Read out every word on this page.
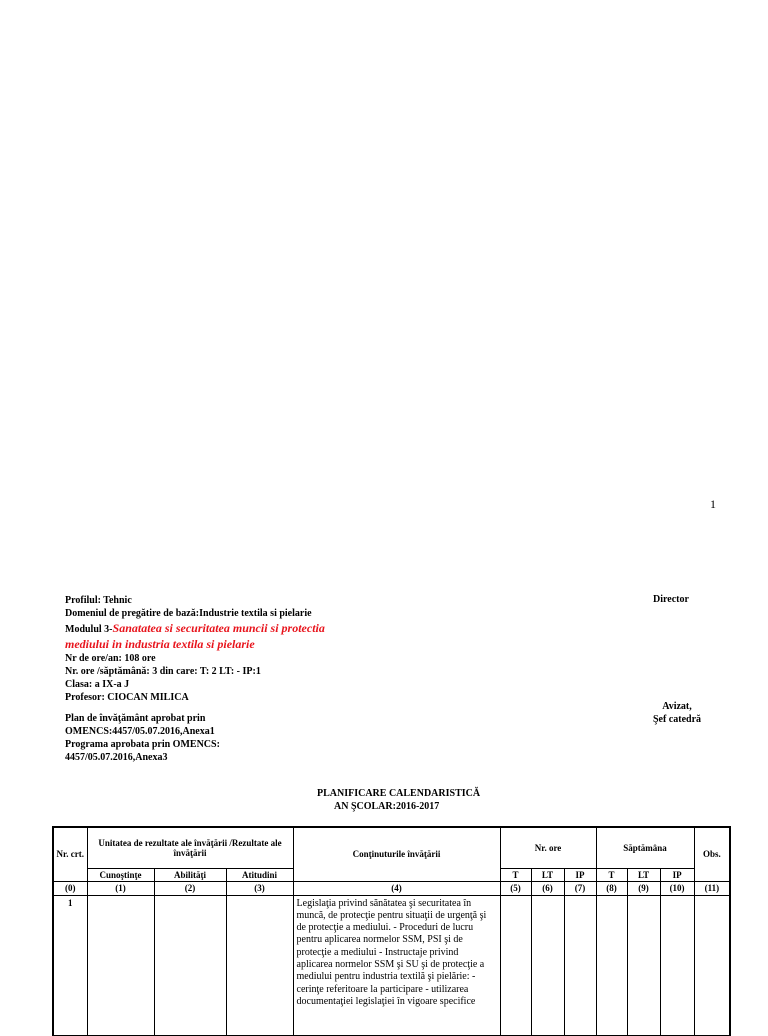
1
Profilul: Tehnic
Domeniul de pregătire de bază:Industrie textila si pielarie
Modulul 3-Sanatatea si securitatea muncii si protectia
mediului in industria textila si pielarie
Nr de ore/an: 108 ore
Nr. ore /săptămână: 3 din care: T: 2 LT: - IP:1
Clasa: a IX-a J
Profesor: CIOCAN MILICA
Plan de învăţământ aprobat prin
OMENCS:4457/05.07.2016,Anexa1
Programa aprobata prin OMENCS:
4457/05.07.2016,Anexa3
Director
Avizat,
Şef catedră
PLANIFICARE CALENDARISTICĂ
AN ŞCOLAR:2016-2017
Nr. crt.	Unitatea de rezultate ale învăţării /Rezultate ale învăţării			Conţinuturile învăţării	Nr. ore			Săptămâna			Obs.
	Cunoştinţe	Abilităţi	Atitudini		T	LT	IP	T	LT	IP	
(0)	(1)	(2)	(3)	(4)	(5)	(6)	(7)	(8)	(9)	(10)	(11)
1				Legislaţia privind sănătatea şi securitatea în muncă, de protecţie pentru situaţii de urgenţă şi de protecţie a mediului. - Proceduri de lucru pentru aplicarea normelor SSM, PSI şi de protecţie a mediului - Instructaje privind aplicarea normelor SSM şi SU şi de protecţie a mediului pentru industria textilă şi pielărie: - cerinţe referitoare la participare - utilizarea documentaţiei legislaţiei în vigoare specifice							
